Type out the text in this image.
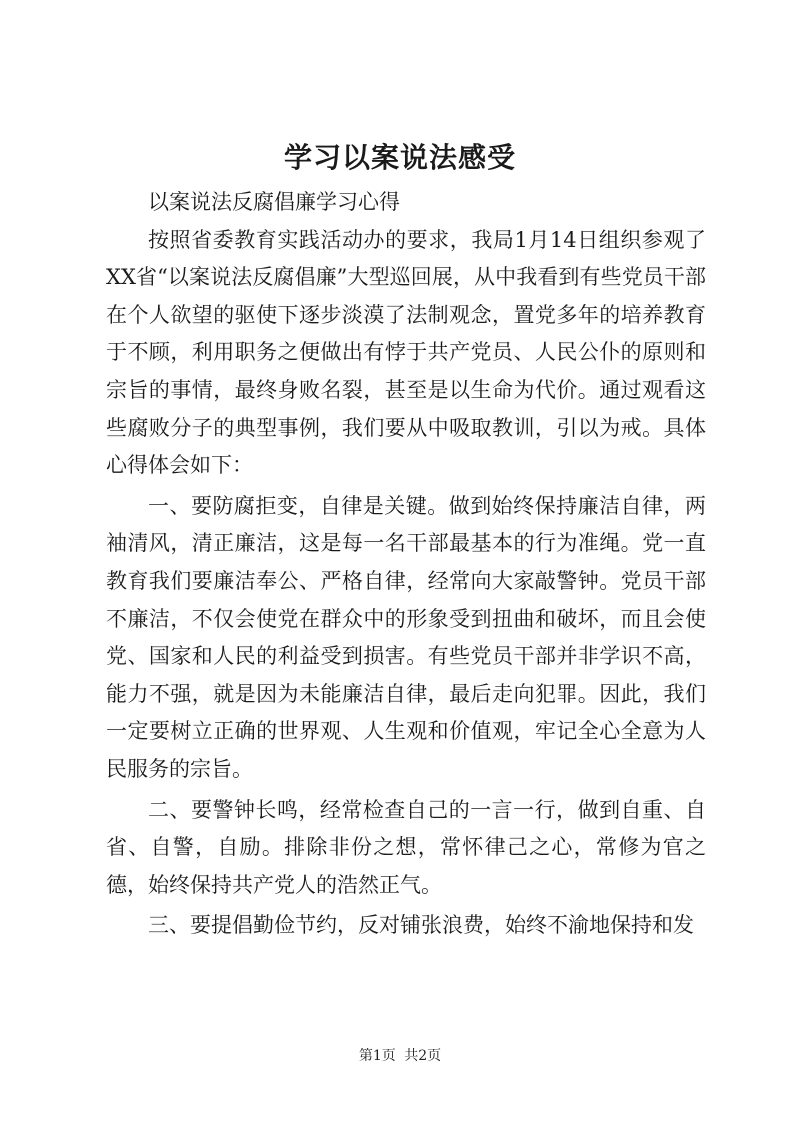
学习以案说法感受

以案说法反腐倡廉学习心得

按照省委教育实践活动办的要求，我局1月14日组织参观了XX省“以案说法反腐倡廉”大型巡回展，从中我看到有些党员干部在个人欲望的驱使下逐步淡漠了法制观念，置党多年的培养教育于不顾，利用职务之便做出有悖于共产党员、人民公仆的原则和宗旨的事情，最终身败名裂，甚至是以生命为代价。通过观看这些腐败分子的典型事例，我们要从中吸取教训，引以为戒。具体心得体会如下：

一、要防腐拒变，自律是关键。做到始终保持廉洁自律，两袖清风，清正廉洁，这是每一名干部最基本的行为准绳。党一直教育我们要廉洁奉公、严格自律，经常向大家敲警钟。党员干部不廉洁，不仅会使党在群众中的形象受到扭曲和破坏，而且会使党、国家和人民的利益受到损害。有些党员干部并非学识不高，能力不强，就是因为未能廉洁自律，最后走向犯罪。因此，我们一定要树立正确的世界观、人生观和价值观，牢记全心全意为人民服务的宗旨。

二、要警钟长鸣，经常检查自己的一言一行，做到自重、自省、自警，自励。排除非份之想，常怀律己之心，常修为官之德，始终保持共产党人的浩然正气。

三、要提倡勤俭节约，反对铺张浪费，始终不渝地保持和发

第1页 共2页
